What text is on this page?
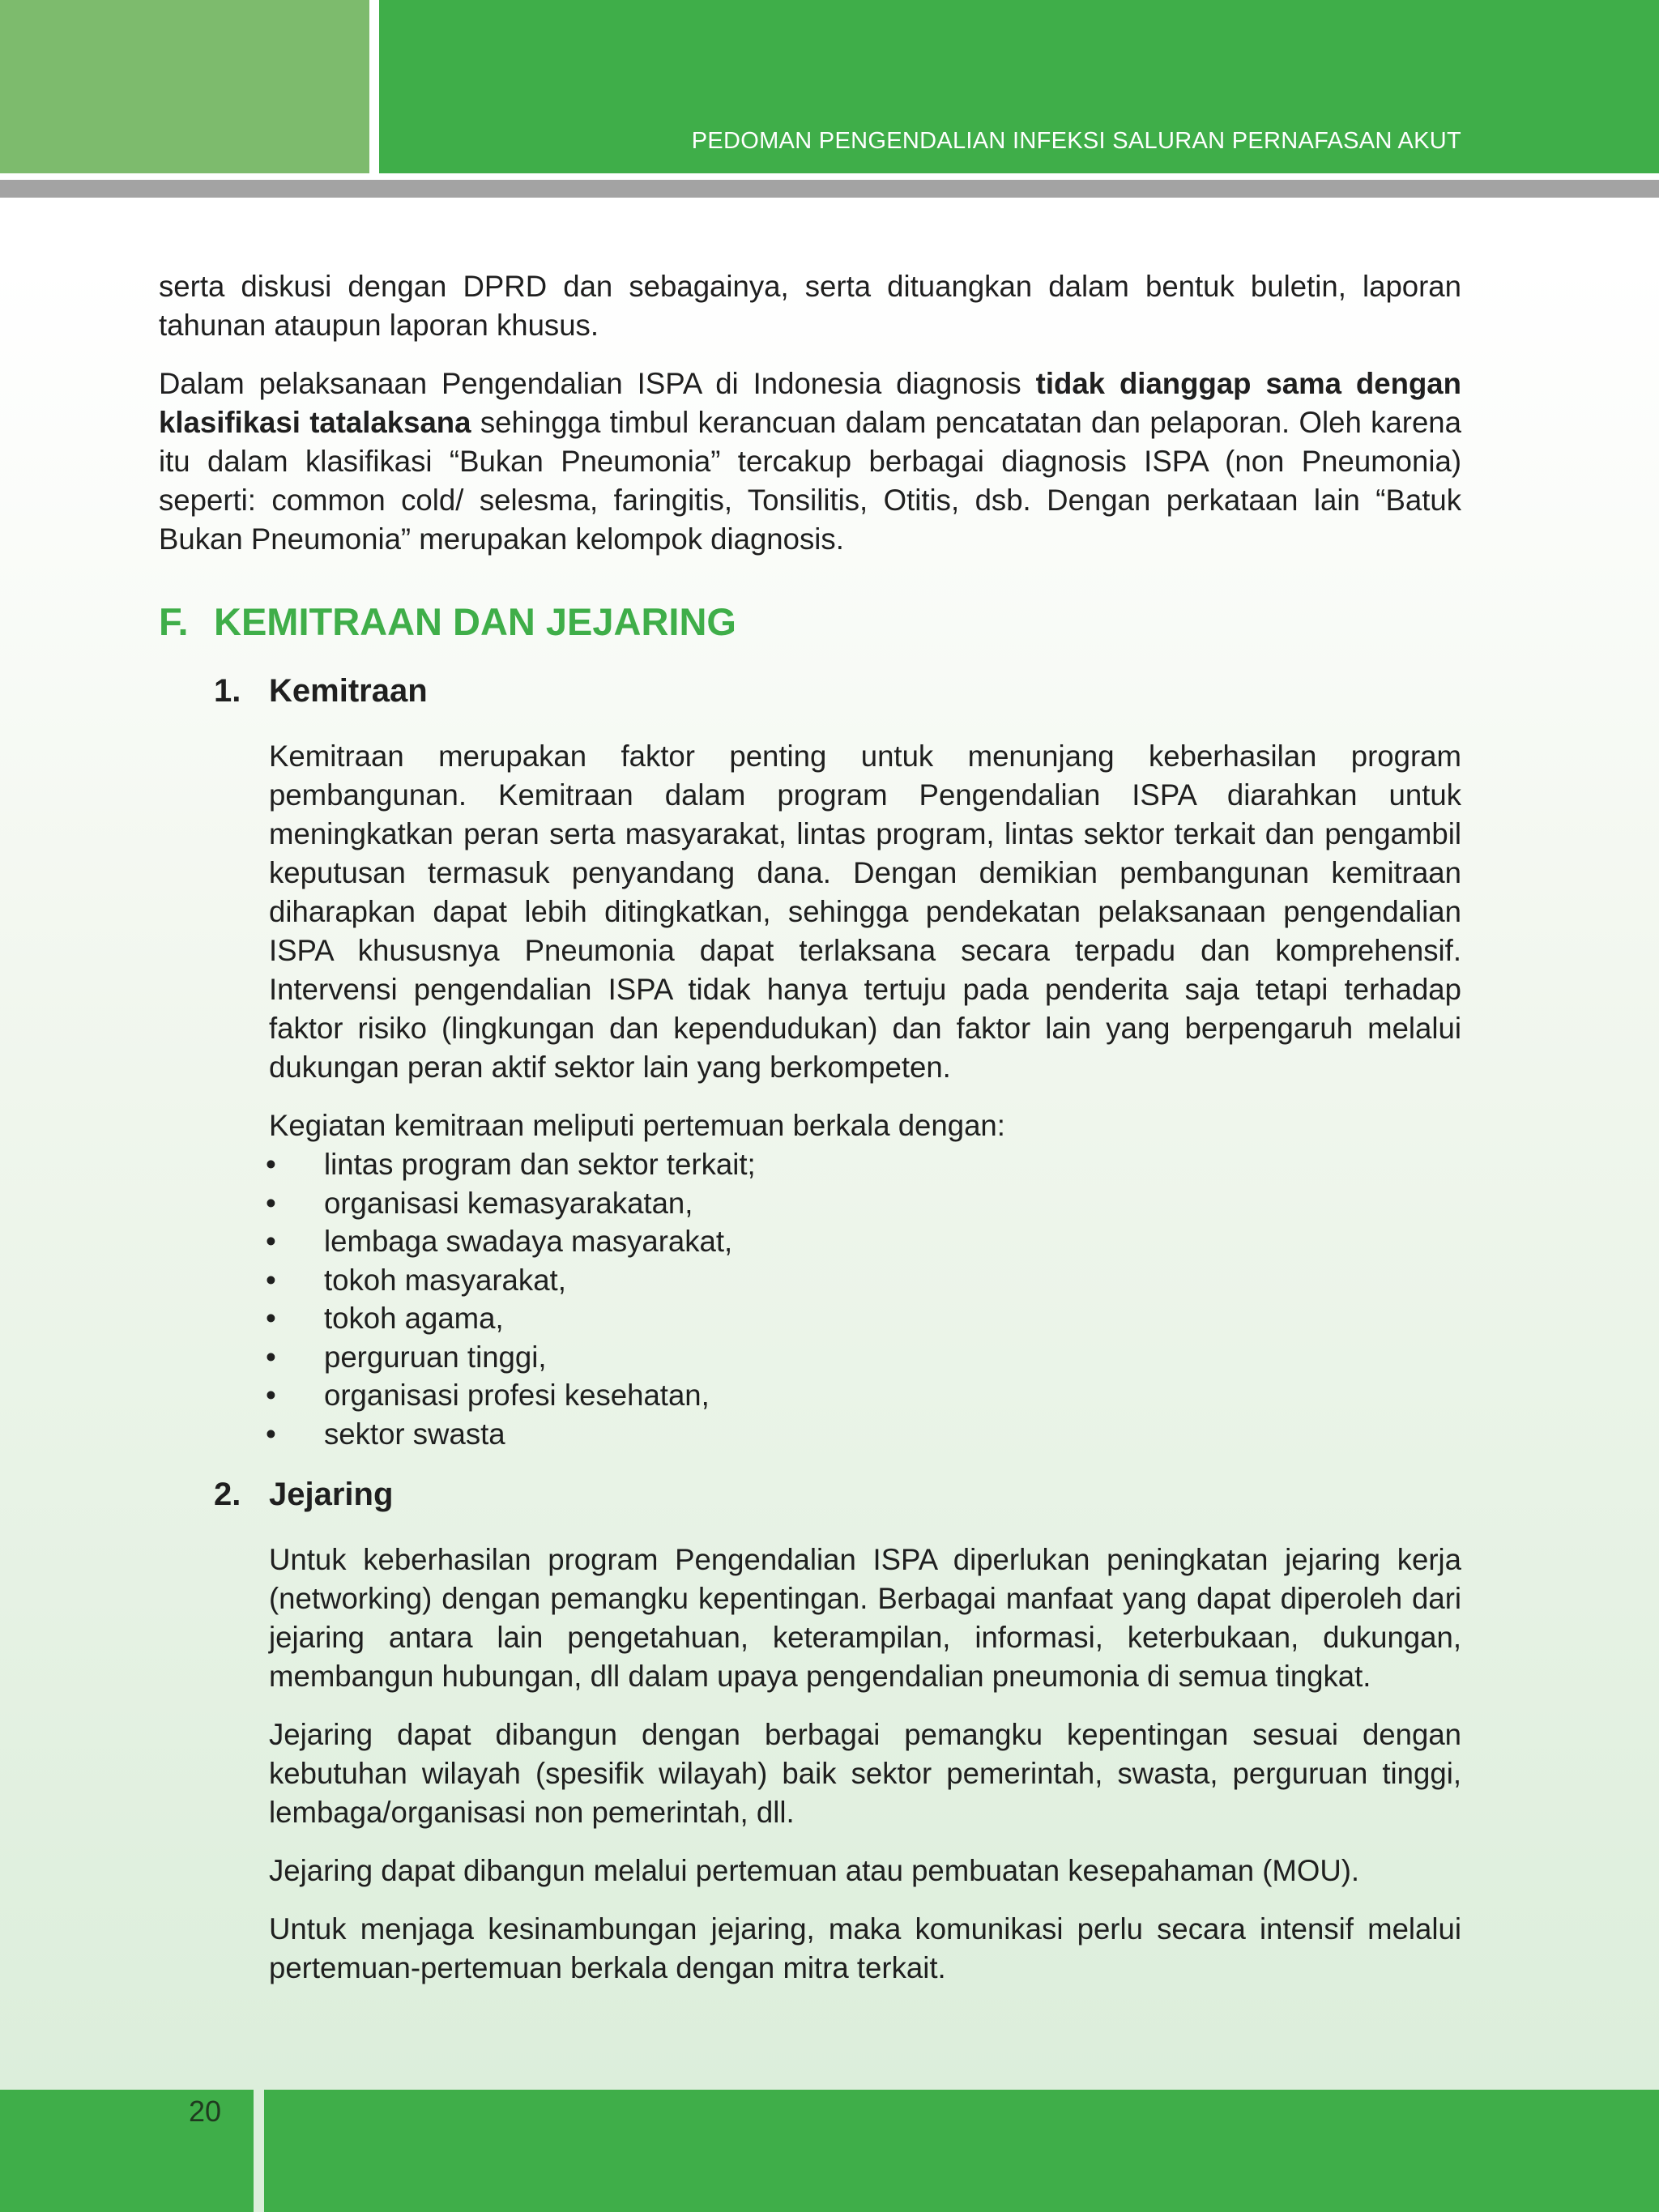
PEDOMAN PENGENDALIAN INFEKSI SALURAN PERNAFASAN AKUT

serta diskusi dengan DPRD dan sebagainya, serta dituangkan dalam bentuk buletin, laporan tahunan ataupun laporan khusus.

Dalam pelaksanaan Pengendalian ISPA di Indonesia diagnosis tidak dianggap sama dengan klasifikasi tatalaksana sehingga timbul kerancuan dalam pencatatan dan pelaporan. Oleh karena itu dalam klasifikasi “Bukan Pneumonia” tercakup berbagai diagnosis ISPA (non Pneumonia) seperti: common cold/ selesma, faringitis, Tonsilitis, Otitis, dsb. Dengan perkataan lain “Batuk Bukan Pneumonia” merupakan kelompok diagnosis.

F. KEMITRAAN DAN JEJARING
1. Kemitraan

Kemitraan merupakan faktor penting untuk menunjang keberhasilan program pembangunan. Kemitraan dalam program Pengendalian ISPA diarahkan untuk meningkatkan peran serta masyarakat, lintas program, lintas sektor terkait dan pengambil keputusan termasuk penyandang dana. Dengan demikian pembangunan kemitraan diharapkan dapat lebih ditingkatkan, sehingga pendekatan pelaksanaan pengendalian ISPA khususnya Pneumonia dapat terlaksana secara terpadu dan komprehensif. Intervensi pengendalian ISPA tidak hanya tertuju pada penderita saja tetapi terhadap faktor risiko (lingkungan dan kependudukan) dan faktor lain yang berpengaruh melalui dukungan peran aktif sektor lain yang berkompeten.

Kegiatan kemitraan meliputi pertemuan berkala dengan:

• lintas program dan sektor terkait;
• organisasi kemasyarakatan,
• lembaga swadaya masyarakat,
• tokoh masyarakat,
• tokoh agama,
• perguruan tinggi,
• organisasi profesi kesehatan,
• sektor swasta
2. Jejaring

Untuk keberhasilan program Pengendalian ISPA diperlukan peningkatan jejaring kerja (networking) dengan pemangku kepentingan. Berbagai manfaat yang dapat diperoleh dari jejaring antara lain pengetahuan, keterampilan, informasi, keterbukaan, dukungan, membangun hubungan, dll dalam upaya pengendalian pneumonia di semua tingkat.

Jejaring dapat dibangun dengan berbagai pemangku kepentingan sesuai dengan kebutuhan wilayah (spesifik wilayah) baik sektor pemerintah, swasta, perguruan tinggi, lembaga/organisasi non pemerintah, dll.

Jejaring dapat dibangun melalui pertemuan atau pembuatan kesepahaman (MOU).

Untuk menjaga kesinambungan jejaring, maka komunikasi perlu secara intensif melalui pertemuan-pertemuan berkala dengan mitra terkait.

20
